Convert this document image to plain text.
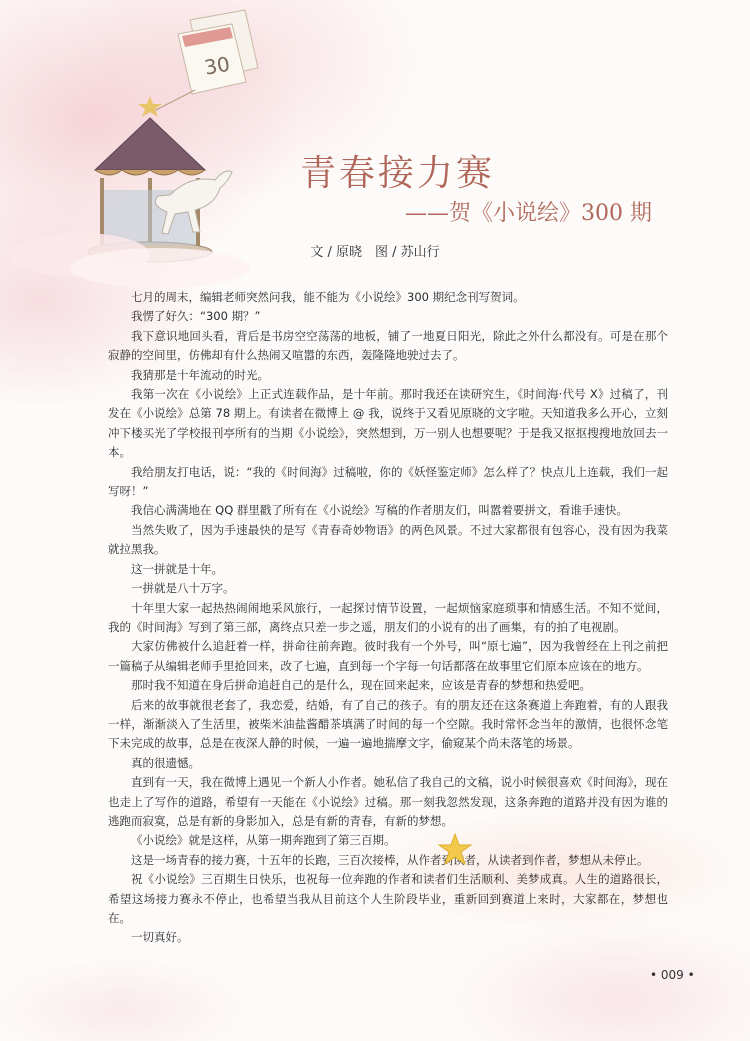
30
青春接力赛
——贺《小说绘》300 期
文 / 原晓　图 / 苏山行

七月的周末，编辑老师突然问我，能不能为《小说绘》300 期纪念刊写贺词。

我愣了好久：“300 期？”

我下意识地回头看，背后是书房空空荡荡的地板，铺了一地夏日阳光，除此之外什么都没有。可是在那个寂静的空间里，仿佛却有什么热闹又喧嚣的东西，轰隆隆地驶过去了。

我猜那是十年流动的时光。

我第一次在《小说绘》上正式连载作品，是十年前。那时我还在读研究生，《时间海·代号 X》过稿了，刊发在《小说绘》总第 78 期上。有读者在微博上 @ 我，说终于又看见原晓的文字啦。天知道我多么开心，立刻冲下楼买光了学校报刊亭所有的当期《小说绘》，突然想到，万一别人也想要呢？于是我又抠抠搜搜地放回去一本。

我给朋友打电话，说：“我的《时间海》过稿啦，你的《妖怪鉴定师》怎么样了？快点儿上连载，我们一起写呀！”

我信心满满地在 QQ 群里戳了所有在《小说绘》写稿的作者朋友们，叫嚣着要拼文，看谁手速快。

当然失败了，因为手速最快的是写《青春奇妙物语》的两色风景。不过大家都很有包容心，没有因为我菜就拉黑我。

这一拼就是十年。

一拼就是八十万字。

十年里大家一起热热闹闹地采风旅行，一起探讨情节设置，一起烦恼家庭琐事和情感生活。不知不觉间，我的《时间海》写到了第三部，离终点只差一步之遥，朋友们的小说有的出了画集，有的拍了电视剧。

大家仿佛被什么追赶着一样，拼命往前奔跑。彼时我有一个外号，叫“原七遍”，因为我曾经在上刊之前把一篇稿子从编辑老师手里抢回来，改了七遍，直到每一个字每一句话都落在故事里它们原本应该在的地方。

那时我不知道在身后拼命追赶自己的是什么，现在回来起来，应该是青春的梦想和热爱吧。

后来的故事就很老套了，我恋爱，结婚，有了自己的孩子。有的朋友还在这条赛道上奔跑着，有的人跟我一样，渐渐淡入了生活里，被柴米油盐酱醋茶填满了时间的每一个空隙。我时常怀念当年的激情，也很怀念笔下未完成的故事，总是在夜深人静的时候，一遍一遍地揣摩文字，偷窥某个尚未落笔的场景。

真的很遗憾。

直到有一天，我在微博上遇见一个新人小作者。她私信了我自己的文稿，说小时候很喜欢《时间海》，现在也走上了写作的道路，希望有一天能在《小说绘》过稿。那一刻我忽然发现，这条奔跑的道路并没有因为谁的逃跑而寂寞，总是有新的身影加入，总是有新的青春，有新的梦想。

《小说绘》就是这样，从第一期奔跑到了第三百期。

这是一场青春的接力赛，十五年的长跑，三百次接棒，从作者到读者，从读者到作者，梦想从未停止。

祝《小说绘》三百期生日快乐，也祝每一位奔跑的作者和读者们生活顺利、美梦成真。人生的道路很长，希望这场接力赛永不停止，也希望当我从目前这个人生阶段毕业，重新回到赛道上来时，大家都在，梦想也在。

一切真好。

• 009 •
